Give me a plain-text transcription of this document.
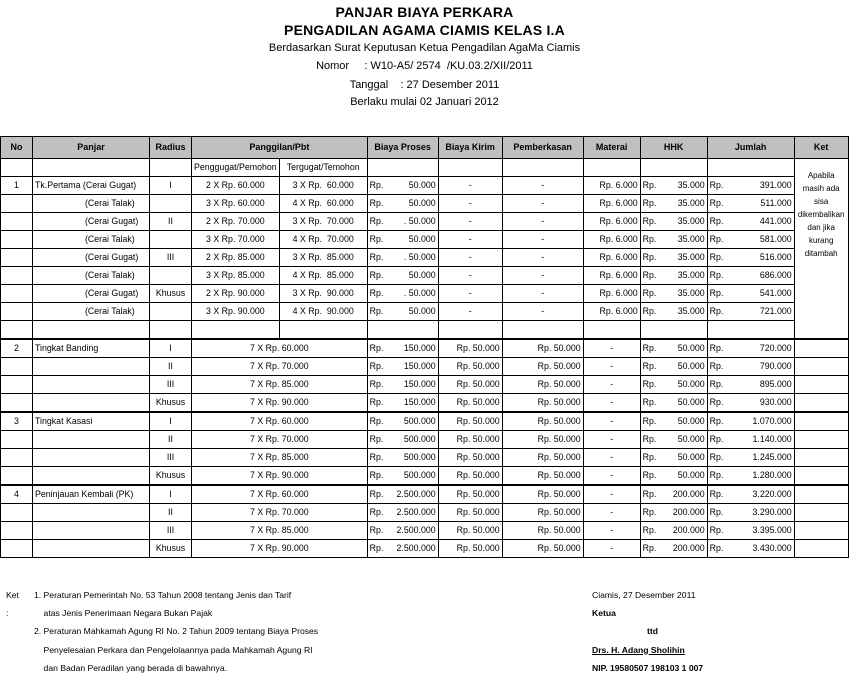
PANJAR BIAYA PERKARA
PENGADILAN AGAMA CIAMIS KELAS I.A
Berdasarkan Surat Keputusan Ketua Pengadilan AgaMa Ciamis
Nomor     : W10-A5/ 2574  /KU.03.2/XII/2011
Tanggal    : 27 Desember 2011
Berlaku mulai 02 Januari 2012
No	Panjar	Radius	Panggilan/Pbt		Biaya Proses	Biaya Kirim	Pemberkasan	Materai	HHK	Jumlah	Ket
			Penggugat/Pemohon	Tergugat/Temohon							Apabila masih ada sisa dikembalikan dan jika kurang ditambah
1	Tk.Pertama (Cerai Gugat)	I	2 X Rp. 60.000	3 X Rp.  60.000	Rp. 50.000	-	-	Rp. 6.000	Rp. 35.000	Rp. 391.000	

	(Cerai Talak)		3 X Rp. 60.000	4 X Rp.  60.000	Rp. 50.000	-	-	Rp. 6.000	Rp. 35.000	Rp. 511.000	

	(Cerai Gugat)	II	2 X Rp. 70.000	3 X Rp.  70.000	Rp. . 50.000	-	-	Rp. 6.000	Rp. 35.000	Rp. 441.000	

	(Cerai Talak)		3 X Rp. 70.000	4 X Rp.  70.000	Rp. 50.000	-	-	Rp. 6.000	Rp. 35.000	Rp. 581.000	

	(Cerai Gugat)	III	2 X Rp. 85.000	3 X Rp.  85.000	Rp. . 50.000	-	-	Rp. 6.000	Rp. 35.000	Rp. 516.000	

	(Cerai Talak)		3 X Rp. 85.000	4 X Rp.  85.000	Rp. 50.000	-	-	Rp. 6.000	Rp. 35.000	Rp. 686.000	

	(Cerai Gugat)	Khusus	2 X Rp. 90.000	3 X Rp.  90.000	Rp. . 50.000	-	-	Rp. 6.000	Rp. 35.000	Rp. 541.000	

	(Cerai Talak)		3 X Rp. 90.000	4 X Rp.  90.000	Rp. 50.000	-	-	Rp. 6.000	Rp. 35.000	Rp. 721.000	

2	Tingkat Banding	I	7 X Rp. 60.000		Rp. 150.000	Rp. 50.000	Rp. 50.000	-	Rp. 50.000	Rp. 720.000	

		II	7 X Rp. 70.000		Rp. 150.000	Rp. 50.000	Rp. 50.000	-	Rp. 50.000	Rp. 790.000	

		III	7 X Rp. 85.000		Rp. 150.000	Rp. 50.000	Rp. 50.000	-	Rp. 50.000	Rp. 895.000	

		Khusus	7 X Rp. 90.000		Rp. 150.000	Rp. 50.000	Rp. 50.000	-	Rp. 50.000	Rp. 930.000	

3	Tingkat Kasasi	I	7 X Rp. 60.000		Rp. 500.000	Rp. 50.000	Rp. 50.000	-	Rp. 50.000	Rp. 1.070.000	

		II	7 X Rp. 70.000		Rp. 500.000	Rp. 50.000	Rp. 50.000	-	Rp. 50.000	Rp. 1.140.000	

		III	7 X Rp. 85.000		Rp. 500.000	Rp. 50.000	Rp. 50.000	-	Rp. 50.000	Rp. 1.245.000	

		Khusus	7 X Rp. 90.000		Rp. 500.000	Rp. 50.000	Rp. 50.000	-	Rp. 50.000	Rp. 1.280.000	

4	Peninjauan Kembali (PK)	I	7 X Rp. 60.000		Rp. 2.500.000	Rp. 50.000	Rp. 50.000	-	Rp. 200.000	Rp. 3.220.000	

		II	7 X Rp. 70.000		Rp. 2.500.000	Rp. 50.000	Rp. 50.000	-	Rp. 200.000	Rp. 3.290.000	

		III	7 X Rp. 85.000		Rp. 2.500.000	Rp. 50.000	Rp. 50.000	-	Rp. 200.000	Rp. 3.395.000	

		Khusus	7 X Rp. 90.000		Rp. 2.500.000	Rp. 50.000	Rp. 50.000	-	Rp. 200.000	Rp. 3.430.000	

Ket :
1. Peraturan Pemerintah No. 53 Tahun 2008 tentang Jenis dan Tarif
atas Jenis Penerimaan Negara Bukan Pajak
2. Peraturan Mahkamah Agung RI No. 2 Tahun 2009 tentang Biaya Proses
Penyelesaian Perkara dan Pengelolaannya pada Mahkamah Agung RI
dan Badan Peradilan yang berada di bawahnya.
Ciamis, 27 Desember 2011
Ketua
ttd
Drs. H. Adang Sholihin
NIP. 19580507 198103 1 007
